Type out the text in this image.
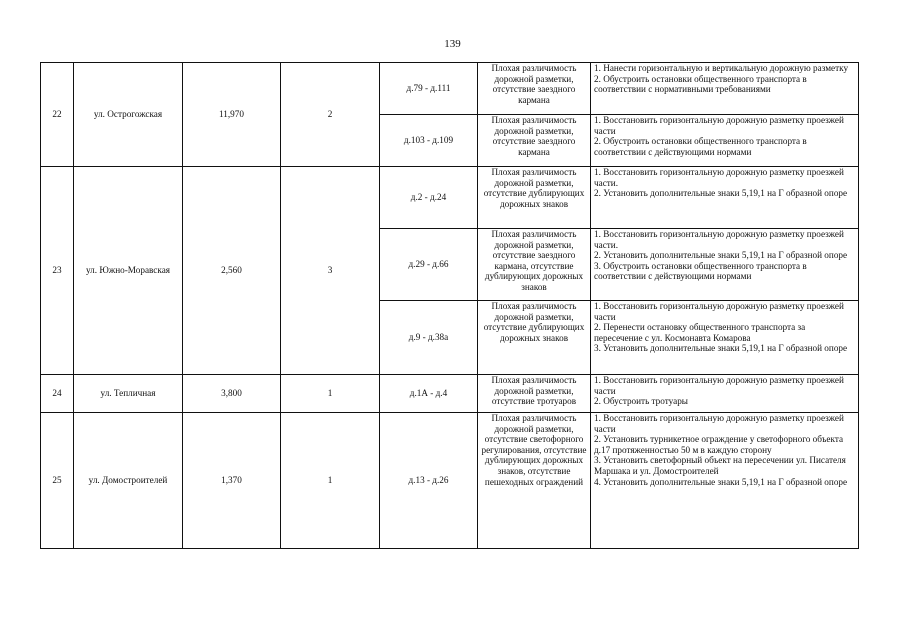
139
22	ул. Острогожская	11,970	2	д.79 - д.111	Плохая различимость дорожной разметки, отсутствие заездного кармана	1. Нанести горизонтальную и вертикальную дорожную разметку
2. Обустроить остановки общественного транспорта в соответствии с нормативными требованиями

				д.103 - д.109	Плохая различимость дорожной разметки, отсутствие заездного кармана	1. Восстановить горизонтальную дорожную разметку проезжей части
2. Обустроить остановки общественного транспорта в соответствии с действующими нормами

23	ул. Южно-Моравская	2,560	3	д.2 - д.24	Плохая различимость дорожной разметки, отсутствие дублирующих дорожных знаков	1. Восстановить горизонтальную дорожную разметку проезжей части.
2. Установить дополнительные знаки 5,19,1 на Г образной опоре

				д.29 - д.66	Плохая различимость дорожной разметки, отсутствие заездного кармана, отсутствие дублирующих дорожных знаков	1. Восстановить горизонтальную дорожную разметку проезжей части.
2. Установить дополнительные знаки 5,19,1 на Г образной опоре
3. Обустроить остановки общественного транспорта в соответствии с действующими нормами

				д.9 - д.38а	Плохая различимость дорожной разметки, отсутствие дублирующих дорожных знаков	1. Восстановить горизонтальную дорожную разметку проезжей части
2. Перенести остановку общественного транспорта за пересечение с ул. Космонавта Комарова
3. Установить дополнительные знаки 5,19,1 на Г образной опоре

24	ул. Тепличная	3,800	1	д.1А - д.4	Плохая различимость дорожной разметки, отсутствие тротуаров	1. Восстановить горизонтальную дорожную разметку проезжей части
2. Обустроить тротуары

25	ул. Домостроителей	1,370	1	д.13 - д.26	Плохая различимость дорожной разметки, отсутствие светофорного регулирования, отсутствие дублирующих дорожных знаков, отсутствие пешеходных ограждений	1. Восстановить горизонтальную дорожную разметку проезжей части
2. Установить турникетное ограждение у светофорного объекта д.17 протяженностью 50 м в каждую сторону
3. Установить светофорный объект на пересечении ул. Писателя Маршака и ул. Домостроителей
4. Установить дополнительные знаки 5,19,1 на Г образной опоре
